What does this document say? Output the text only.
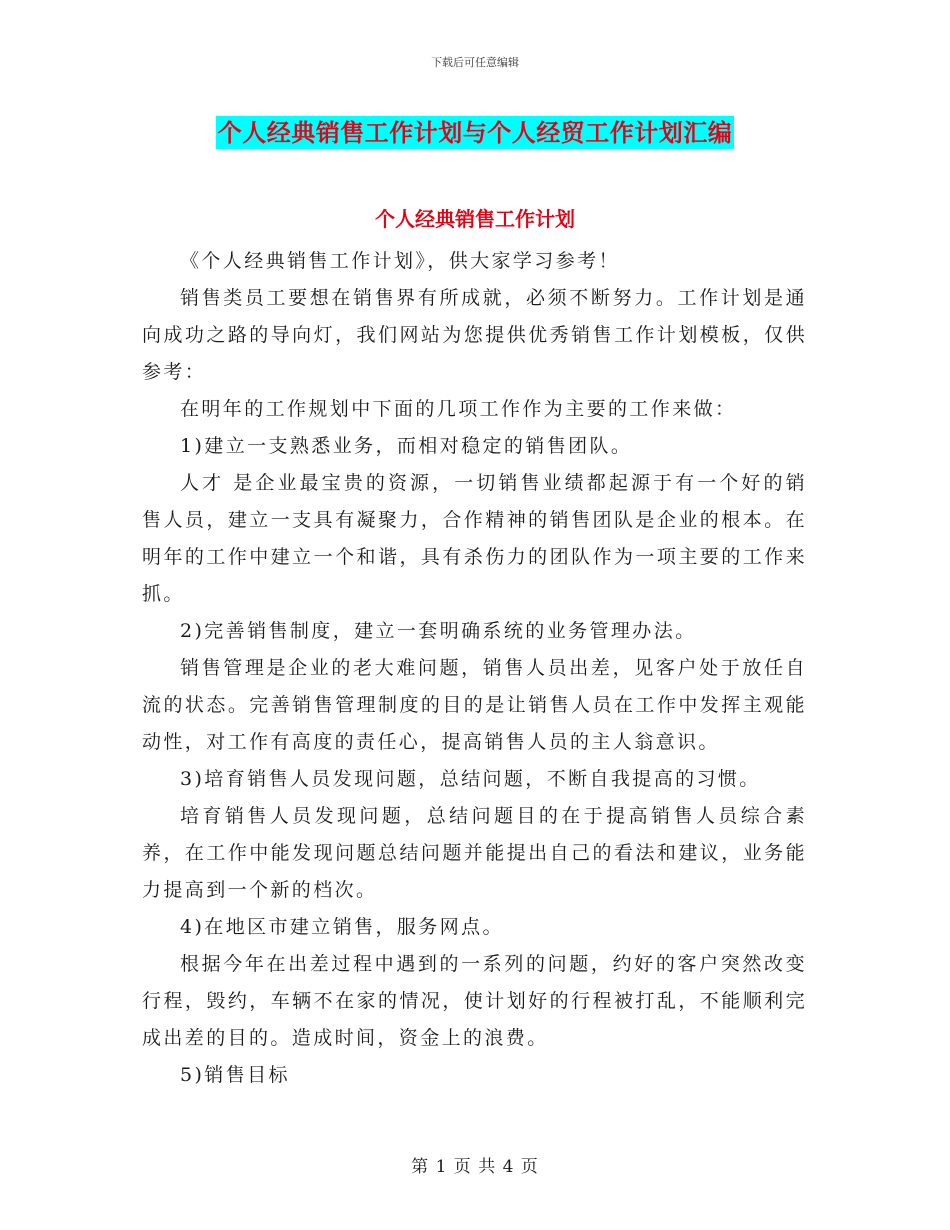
下载后可任意编辑
个人经典销售工作计划与个人经贸工作计划汇编
个人经典销售工作计划

《个人经典销售工作计划》，供大家学习参考！

销售类员工要想在销售界有所成就，必须不断努力。工作计划是通向成功之路的导向灯，我们网站为您提供优秀销售工作计划模板，仅供参考：

在明年的工作规划中下面的几项工作作为主要的工作来做：

1)建立一支熟悉业务，而相对稳定的销售团队。

人才 是企业最宝贵的资源，一切销售业绩都起源于有一个好的销售人员，建立一支具有凝聚力，合作精神的销售团队是企业的根本。在明年的工作中建立一个和谐，具有杀伤力的团队作为一项主要的工作来抓。

2)完善销售制度，建立一套明确系统的业务管理办法。

销售管理是企业的老大难问题，销售人员出差，见客户处于放任自流的状态。完善销售管理制度的目的是让销售人员在工作中发挥主观能动性，对工作有高度的责任心，提高销售人员的主人翁意识。

3)培育销售人员发现问题，总结问题，不断自我提高的习惯。

培育销售人员发现问题，总结问题目的在于提高销售人员综合素养，在工作中能发现问题总结问题并能提出自己的看法和建议，业务能力提高到一个新的档次。

4)在地区市建立销售，服务网点。

根据今年在出差过程中遇到的一系列的问题，约好的客户突然改变行程，毁约，车辆不在家的情况，使计划好的行程被打乱，不能顺利完成出差的目的。造成时间，资金上的浪费。

5)销售目标

第 1 页 共 4 页
